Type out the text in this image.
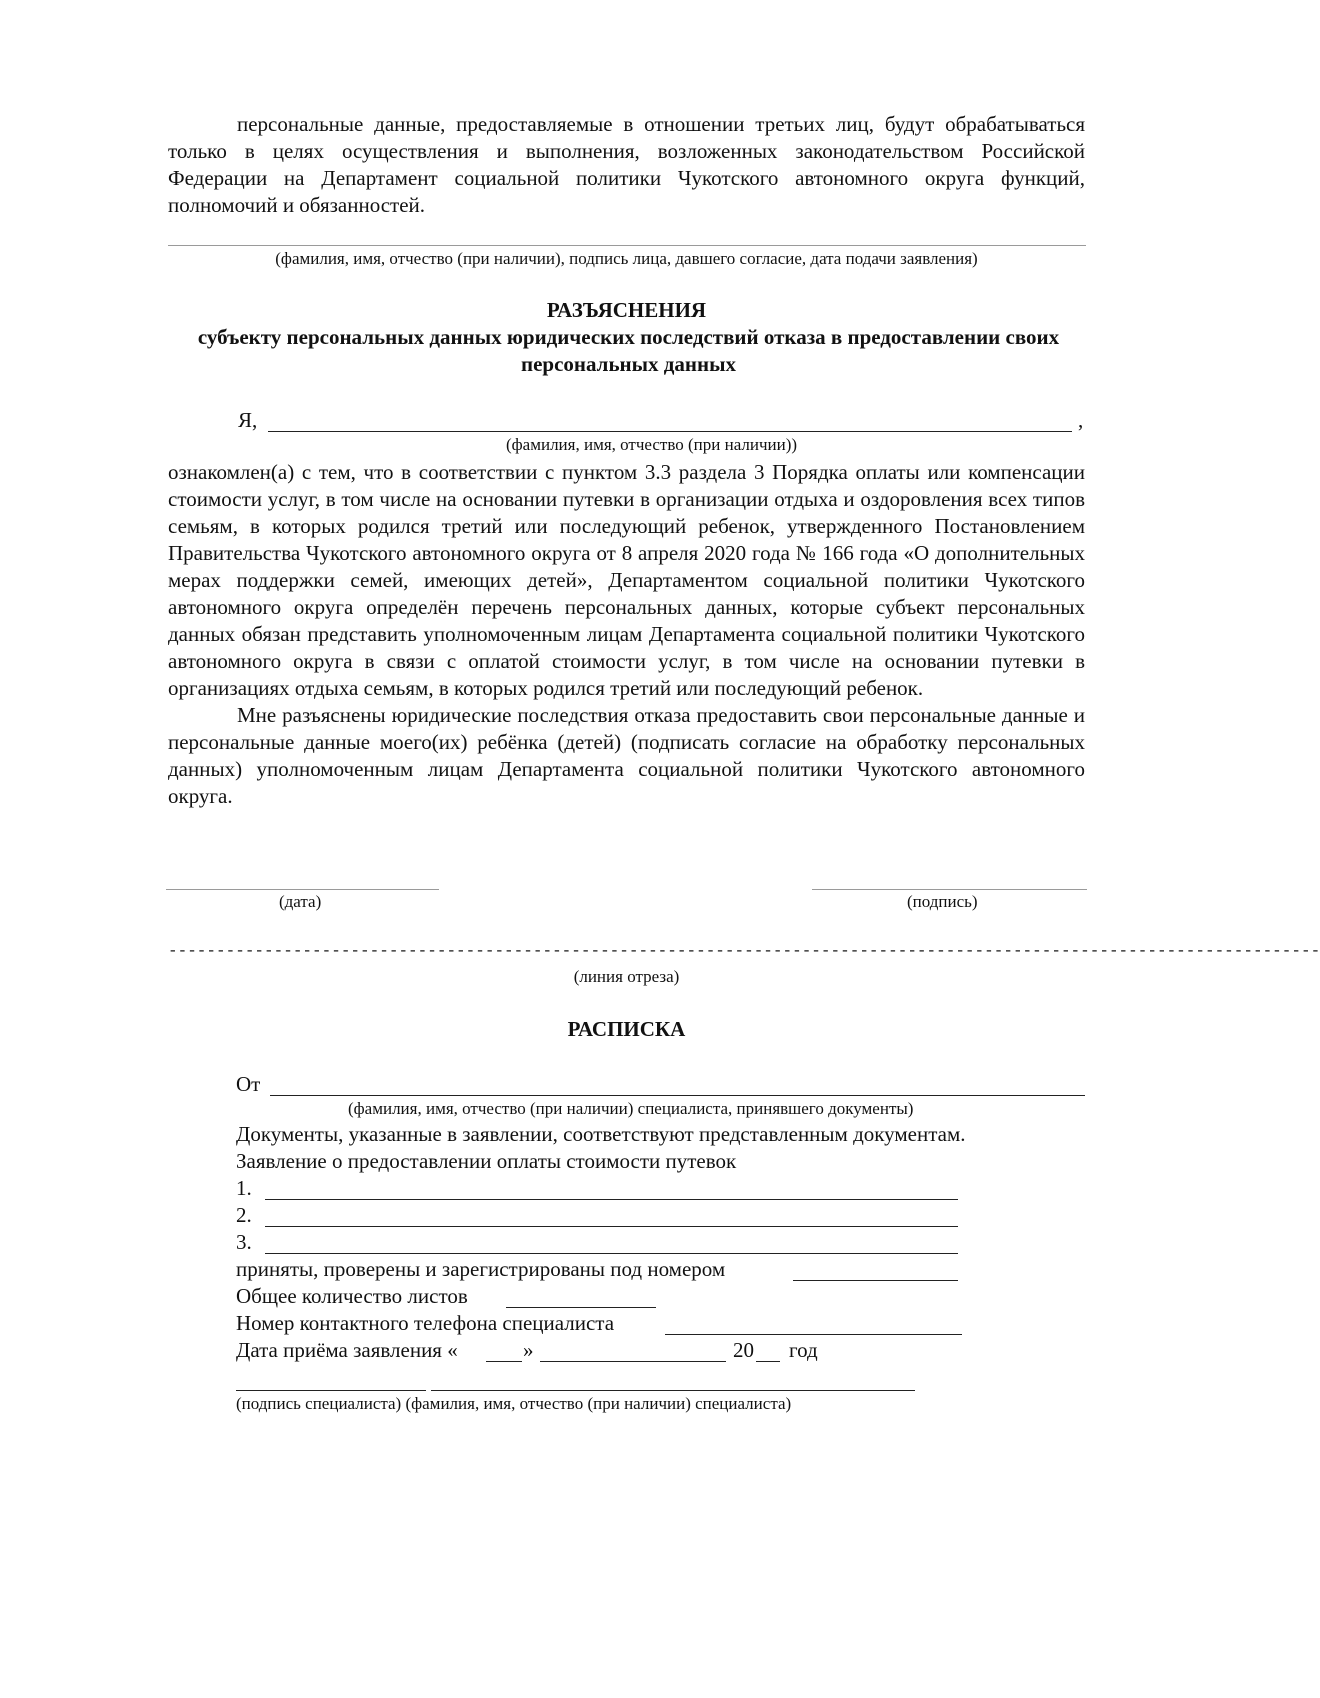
персональные данные, предоставляемые в отношении третьих лиц, будут обрабатываться только в целях осуществления и выполнения, возложенных законодательством Российской Федерации на Департамент социальной политики Чукотского автономного округа функций, полномочий и обязанностей.

(фамилия, имя, отчество (при наличии), подпись лица, давшего согласие, дата подачи заявления)
РАЗЪЯСНЕНИЯ
субъекту персональных данных юридических последствий отказа в предоставлении своих персональных данных
Я,	,
(фамилия, имя, отчество (при наличии))

ознакомлен(а) с тем, что в соответствии с пунктом 3.3 раздела 3 Порядка оплаты или компенсации стоимости услуг, в том числе на основании путевки в организации отдыха и оздоровления всех типов семьям, в которых родился третий или последующий ребенок, утвержденного Постановлением Правительства Чукотского автономного округа от 8 апреля 2020 года № 166 года «О дополнительных мерах поддержки семей, имеющих детей», Департаментом социальной политики Чукотского автономного округа определён перечень персональных данных, которые субъект персональных данных обязан представить уполномоченным лицам Департамента социальной политики Чукотского автономного округа в связи с оплатой стоимости услуг, в том числе на основании путевки в организациях отдыха семьям, в которых родился третий или последующий ребенок.

Мне разъяснены юридические последствия отказа предоставить свои персональные данные и персональные данные моего(их) ребёнка (детей) (подписать согласие на обработку персональных данных) уполномоченным лицам Департамента социальной политики Чукотского автономного округа.

(дата)	(подпись)
------------------------------------------------------------------------------------------------------------------------
(линия отреза)
РАСПИСКА
От
(фамилия, имя, отчество (при наличии) специалиста, принявшего документы)
Документы, указанные в заявлении, соответствуют представленным документам.
Заявление о предоставлении оплаты стоимости путевок
1.
2.
3.
приняты, проверены и зарегистрированы под номером
Общее количество листов
Номер контактного телефона специалиста
Дата приёма заявления «	»	20 год
(подпись специалиста) (фамилия, имя, отчество (при наличии) специалиста)
